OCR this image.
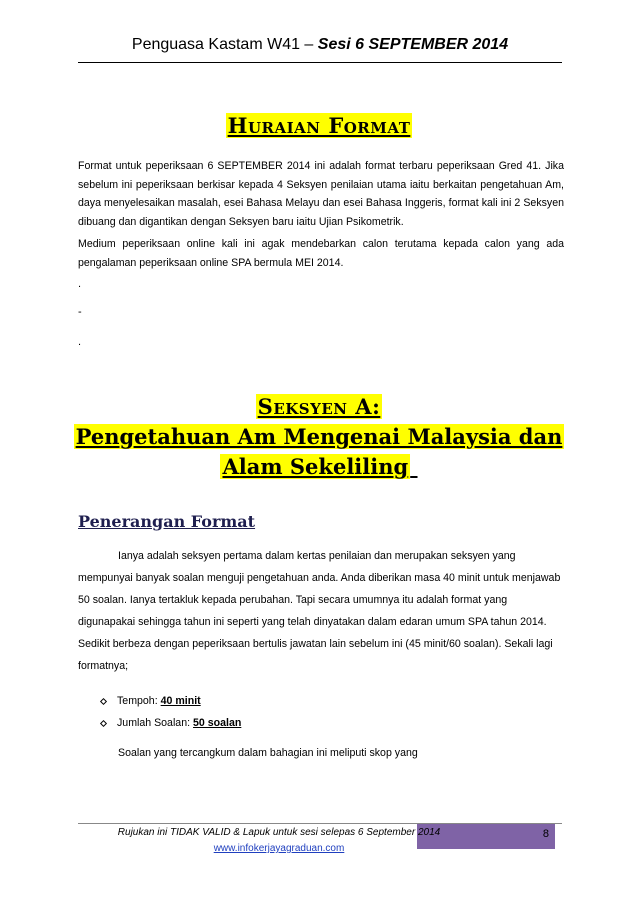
Penguasa Kastam W41 – Sesi 6 SEPTEMBER 2014
Huraian Format

Format untuk peperiksaan 6 SEPTEMBER 2014 ini adalah format terbaru peperiksaan Gred 41. Jika sebelum ini peperiksaan berkisar kepada 4 Seksyen penilaian utama iaitu berkaitan pengetahuan Am, daya menyelesaikan masalah, esei Bahasa Melayu dan esei Bahasa Inggeris, format kali ini 2 Seksyen dibuang dan digantikan dengan Seksyen baru iaitu Ujian Psikometrik.

Medium peperiksaan online kali ini agak mendebarkan calon terutama kepada calon yang ada pengalaman peperiksaan online SPA bermula MEI 2014.

.
-
.
Seksyen A:
Pengetahuan Am Mengenai Malaysia dan
Alam Sekeliling
Penerangan Format

Ianya adalah seksyen pertama dalam kertas penilaian dan merupakan seksyen yang mempunyai banyak soalan menguji pengetahuan anda. Anda diberikan masa 40 minit untuk menjawab 50 soalan. Ianya tertakluk kepada perubahan. Tapi secara umumnya itu adalah format yang digunapakai sehingga tahun ini seperti yang telah dinyatakan dalam edaran umum SPA tahun 2014. Sedikit berbeza dengan peperiksaan bertulis jawatan lain sebelum ini (45 minit/60 soalan). Sekali lagi formatnya;

Tempoh: 40 minit
Jumlah Soalan: 50 soalan
Soalan yang tercangkum dalam bahagian ini meliputi skop yang
8
Rujukan ini TIDAK VALID & Lapuk untuk sesi selepas 6 September 2014
www.infokerjayagraduan.com
